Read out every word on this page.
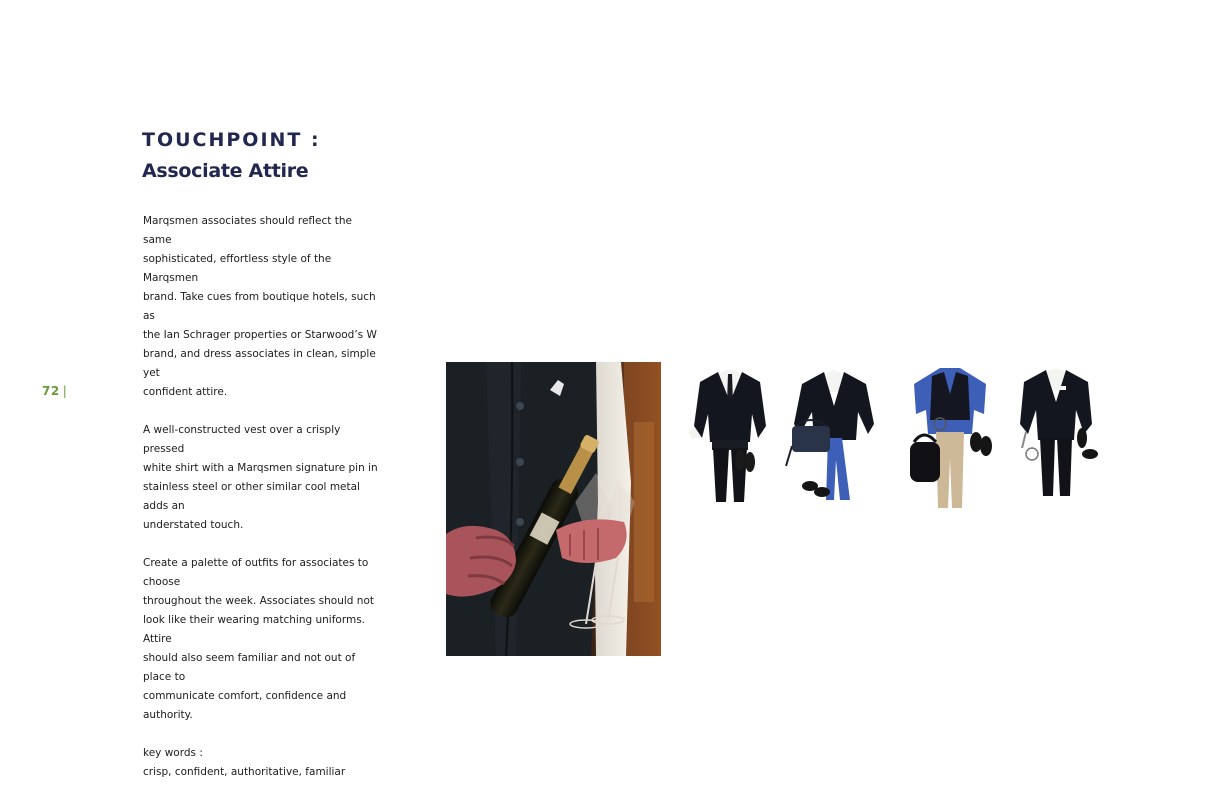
72 |
TOUCHPOINT :
Associate Attire

Marqsmen associates should reflect the same
sophisticated, effortless style of the Marqsmen
brand. Take cues from boutique hotels, such as
the Ian Schrager properties or Starwood’s W
brand, and dress associates in clean, simple yet
confident attire.

A well-constructed vest over a crisply pressed
white shirt with a Marqsmen signature pin in
stainless steel or other similar cool metal adds an
understated touch.

Create a palette of outfits for associates to choose
throughout the week. Associates should not
look like their wearing matching uniforms. Attire
should also seem familiar and not out of place to
communicate comfort, confidence and authority.

key words :

crisp, confident, authoritative, familiar
